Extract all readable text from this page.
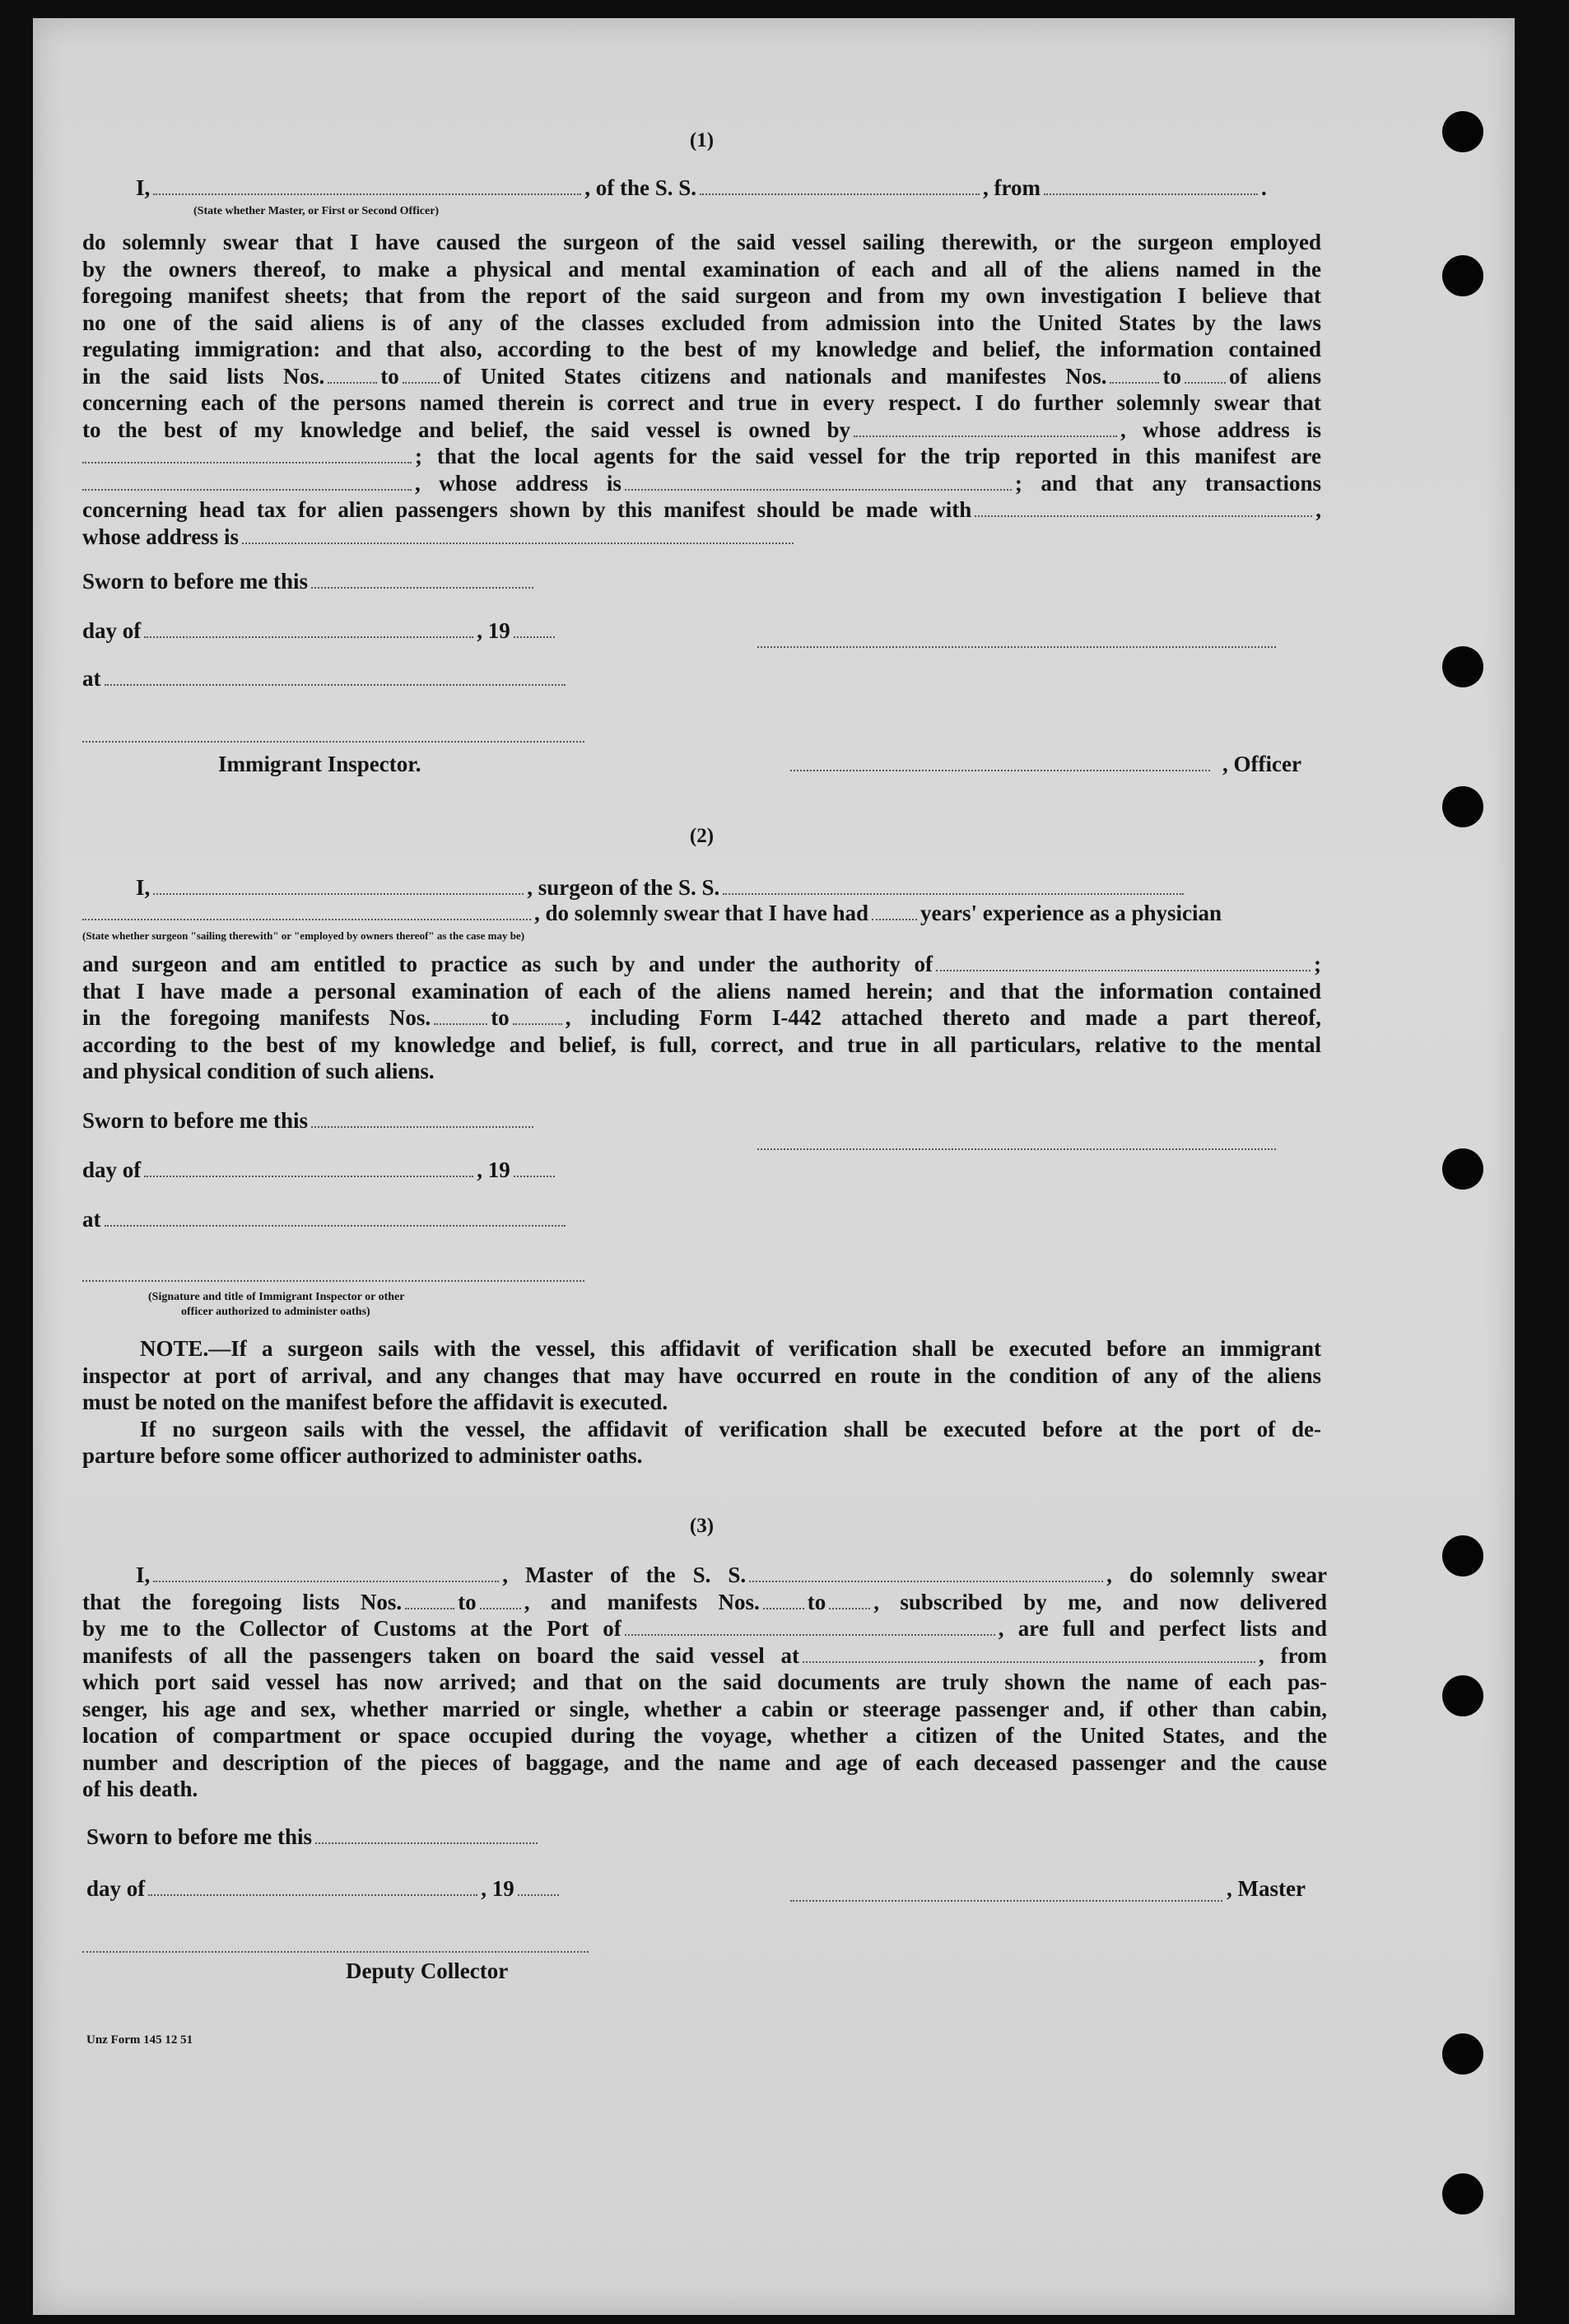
(1)
I,	, of the S. S.	, from	.
(State whether Master, or First or Second Officer)

do solemnly swear that I have caused the surgeon of the said vessel sailing therewith, or the surgeon employed

by the owners thereof, to make a physical and mental examination of each and all of the aliens named in the

foregoing manifest sheets; that from the report of the said surgeon and from my own investigation I believe that

no one of the said aliens is of any of the classes excluded from admission into the United States by the laws

regulating immigration: and that also, according to the best of my knowledge and belief, the information contained

in the said lists Nos.	to of United States citizens and nationals and manifestes Nos.	to of aliens

concerning each of the persons named therein is correct and true in every respect. I do further solemnly swear that

to the best of my knowledge and belief, the said vessel is owned by	, whose address is

; that the local agents for the said vessel for the trip reported in this manifest are

, whose address is	; and that any transactions

concerning head tax for alien passengers shown by this manifest should be made with	,

whose address is

Sworn to before me this
day of	, 19
at
Immigrant Inspector.	, Officer
(2)
I,	, surgeon of the S. S.
, do solemnly swear that I have had years' experience as a physician
(State whether surgeon "sailing therewith" or "employed by owners thereof" as the case may be)

and surgeon and am entitled to practice as such by and under the authority of	;

that I have made a personal examination of each of the aliens named herein; and that the information contained

in the foregoing manifests Nos.	to	, including Form I-442 attached thereto and made a part thereof,

according to the best of my knowledge and belief, is full, correct, and true in all particulars, relative to the mental

and physical condition of such aliens.

Sworn to before me this
day of	, 19
at
(Signature and title of Immigrant Inspector or other
officer authorized to administer oaths)

NOTE.—If a surgeon sails with the vessel, this affidavit of verification shall be executed before an immigrant

inspector at port of arrival, and any changes that may have occurred en route in the condition of any of the aliens

must be noted on the manifest before the affidavit is executed.

If no surgeon sails with the vessel, the affidavit of verification shall be executed before at the port of de-

parture before some officer authorized to administer oaths.

(3)

I,	, Master of the S. S.	, do solemnly swear

that the foregoing lists Nos.	to , and manifests Nos. to , subscribed by me, and now delivered

by me to the Collector of Customs at the Port of	, are full and perfect lists and

manifests of all the passengers taken on board the said vessel at	, from

which port said vessel has now arrived; and that on the said documents are truly shown the name of each pas-

senger, his age and sex, whether married or single, whether a cabin or steerage passenger and, if other than cabin,

location of compartment or space occupied during the voyage, whether a citizen of the United States, and the

number and description of the pieces of baggage, and the name and age of each deceased passenger and the cause

of his death.

Sworn to before me this
day of	, 19	, Master
Deputy Collector
Unz Form 145 12 51
